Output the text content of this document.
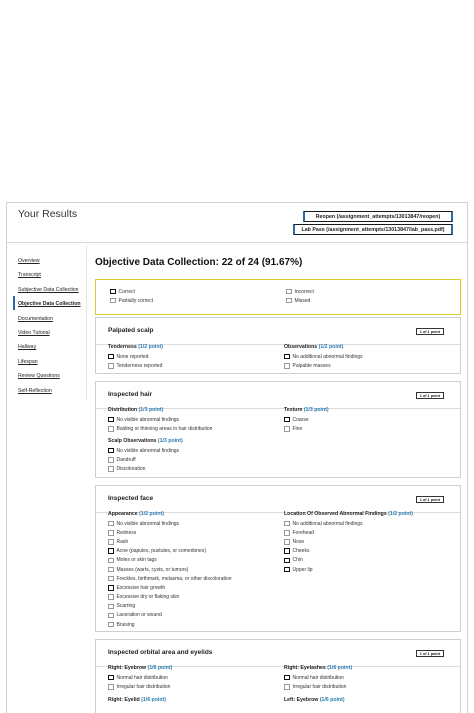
Your Results	Reopen (/assignment_attempts/13013847/reopen)
Lab Pass (/assignment_attempts/13013847/lab_pass.pdf)
Overview
Transcript
Subjective Data Collection
Objective Data Collection
Documentation
Video Tutorial
Hallway
Lifespan
Review Questions
Self-Reflection
Objective Data Collection: 22 of 24 (91.67%)
Correct
Partially correct
Incorrect
Missed
Palpated scalp	1 of 1 point
Tenderness (1/2 point)
None reported
Tenderness reported
Observations (1/2 point)
No additional abnormal findings
Palpable masses
Inspected hair	1 of 1 point
Distribution (1/3 point)
No visible abnormal findings
Balding or thinning areas in hair distribution
Texture (1/3 point)
Coarse
Fine
Scalp Observations (1/3 point)
No visible abnormal findings
Dandruff
Discoloration
Inspected face	1 of 1 point
Appearance (1/2 point)
No visible abnormal findings
Redness
Rash
Acne (papules, pustules, or comedones)
Moles or skin tags
Masses (warts, cysts, or tumors)
Freckles, birthmark, melasma, or other discoloration
Excessive hair growth
Excessive dry or flaking skin
Scarring
Laceration or wound
Bruising
Location Of Observed Abnormal Findings (1/2 point)
No additional abnormal findings
Forehead
Nose
Cheeks
Chin
Upper lip
Inspected orbital area and eyelids	1 of 1 point
Right: Eyebrow (1/6 point)
Normal hair distribution
Irregular hair distribution
Right: Eyelashes (1/6 point)
Normal hair distribution
Irregular hair distribution
Right: Eyelid (1/6 point)	Left: Eyebrow (1/6 point)
